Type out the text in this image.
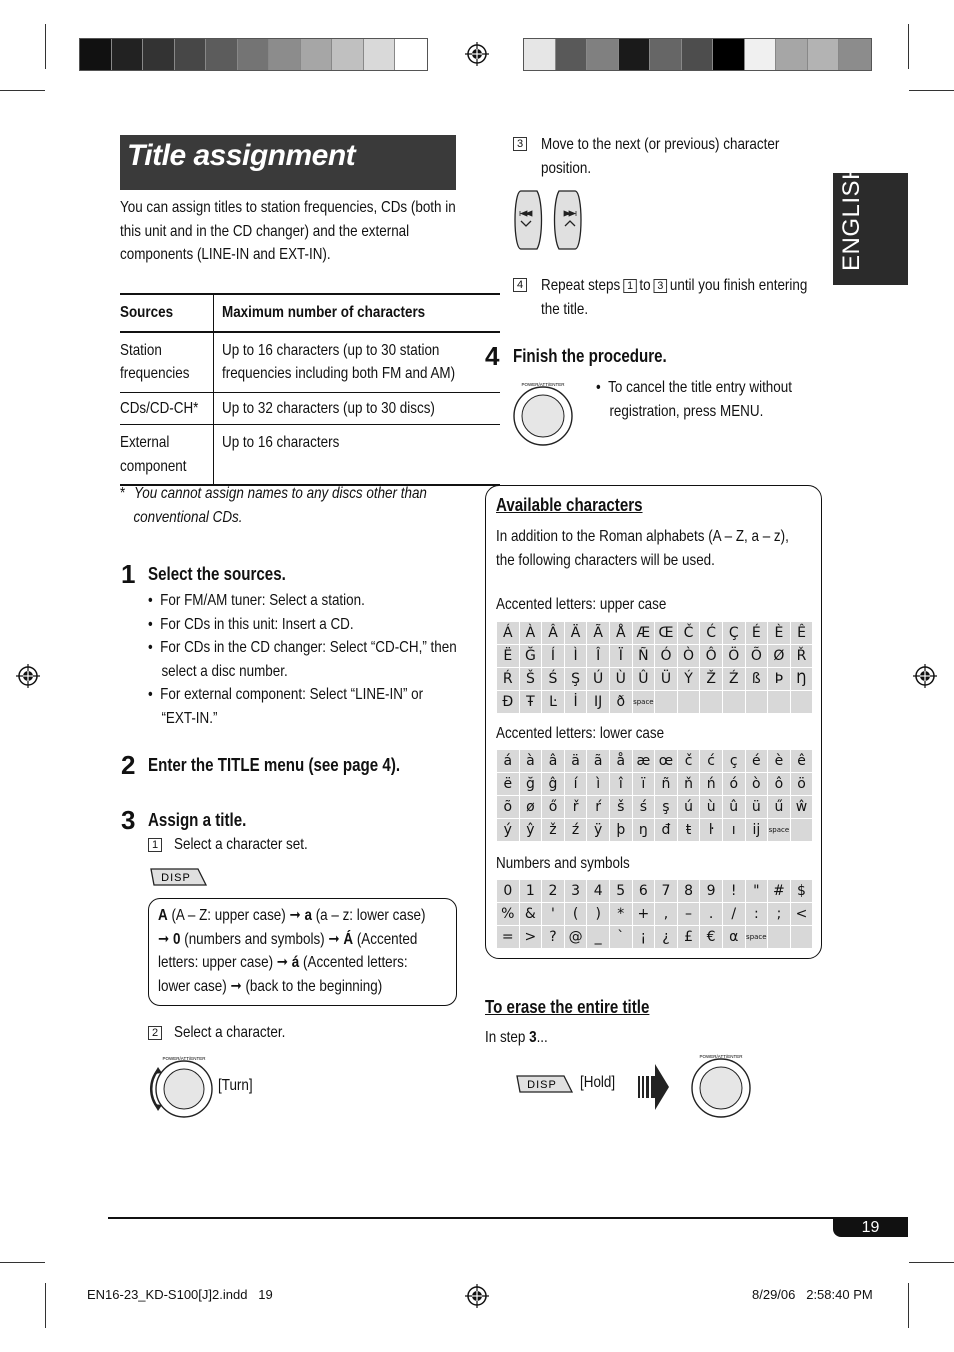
ENGLISH
Title assignment
You can assign titles to station frequencies, CDs (both in this unit and in the CD changer) and the external components (LINE-IN and EXT-IN).
Sources	Maximum number of characters
Station
frequencies	Up to 16 characters (up to 30 station
frequencies including both FM and AM)
CDs/CD-CH*	Up to 32 characters (up to 30 discs)
External
component	Up to 16 characters
* You cannot assign names to any discs other than
conventional CDs.
1 Select the sources.
•  For FM/AM tuner: Select a station.
•  For CDs in this unit: Insert a CD.
•  For CDs in the CD changer: Select “CD-CH,” then
select a disc number.
•  For external component: Select “LINE-IN” or
“EXT-IN.”
2 Enter the TITLE menu (see page 4).
3 Assign a title.
1 Select a character set.
DISP
A (A – Z: upper case) ➞ a (a – z: lower case)
➞ 0 (numbers and symbols) ➞ Á (Accented
letters: upper case) ➞ á (Accented letters:
lower case) ➞ (back to the beginning)
2 Select a character.
POWER/ATT/ENTER
[Turn]
3 Move to the next (or previous) character
position.
4 Repeat steps 1 to 3 until you finish entering
the title.
4 Finish the procedure.
POWER/ATT/ENTER •  To cancel the title entry without
registration, press MENU.
Available characters
In addition to the Roman alphabets (A – Z, a – z),
the following characters will be used.
Accented letters: upper case
Á À Â Ä Ã Å Æ Œ Č Ć Ç É È Ê
Ë Ğ	Í	Ì	Î	Ï	Ñ Ó Ò Ô Ö Õ Ø Ř
Ŕ Š Ś Ş Ú Ù Û Ü Ý Ž Ź ß Þ Ŋ
Đ Ŧ	Ŀ	İ	Ĳ	ð	space
Accented letters: lower case
á	à	â	ä	ã	å æ œ č	ć	ç	é è ê
ë ğ ĝ	í	ì	î	ï	ñ ň ń ó	ò	ô	ö
õ	ø	ő	ř	ŕ	š	ś	ş	ú ù û ü ű ŵ
ý	ŷ	ž	ź	ÿ	þ ŋ đ	ŧ	ŀ	ı	ĳ	space
Numbers and symbols
0 1 2 3 4 5 6 7 8 9	!	" # $
% &	'	(	)	* +	,	–	.	/	:	;	<
= > ? @ _	`	¡	¿	£ € α	space
To erase the entire title
In step 3...
DISP [Hold]
POWER/ATT/ENTER
19
EN16-23_KD-S100[J]2.indd   19	8/29/06   2:58:40 PM
